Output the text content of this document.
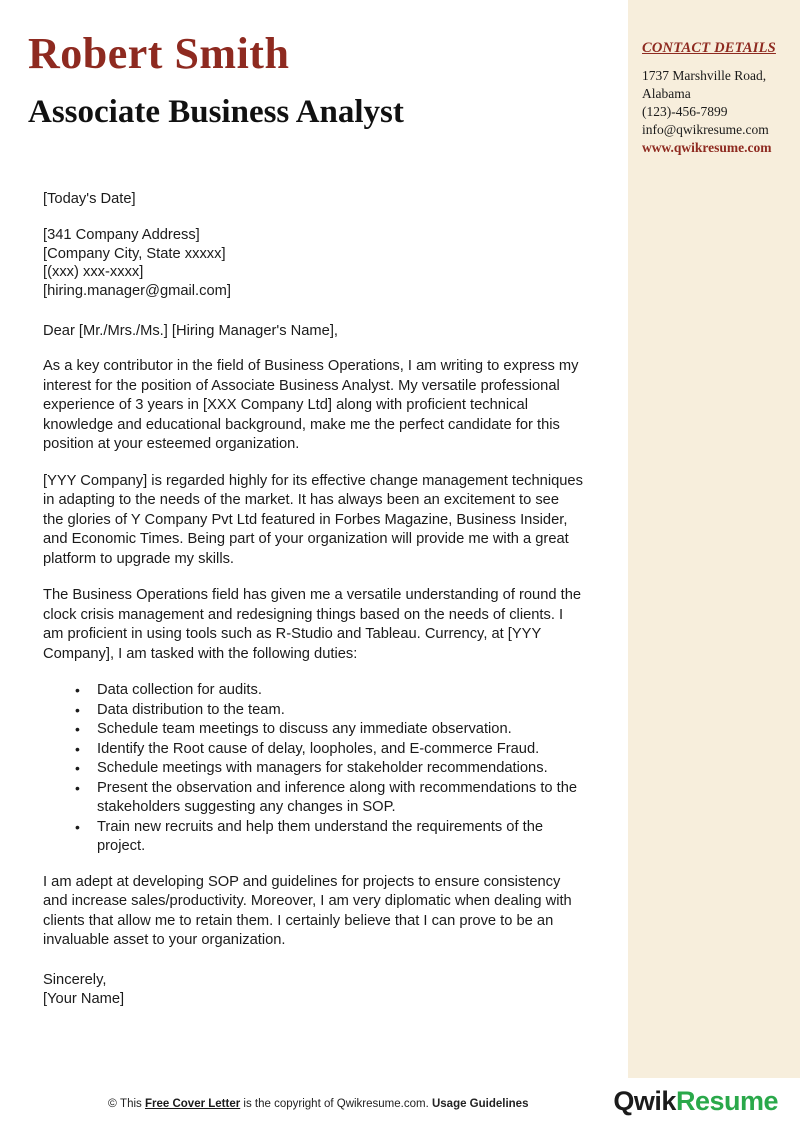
CONTACT DETAILS
1737 Marshville Road,
Alabama
(123)-456-7899
info@qwikresume.com
www.qwikresume.com
Robert Smith
Associate Business Analyst
[Today's Date]
[341 Company Address]
[Company City, State xxxxx]
[(xxx) xxx-xxxx]
[hiring.manager@gmail.com]
Dear [Mr./Mrs./Ms.] [Hiring Manager's Name],

As a key contributor in the field of Business Operations, I am writing to express my interest for the position of Associate Business Analyst. My versatile professional experience of 3 years in [XXX Company Ltd] along with proficient technical knowledge and educational background, make me the perfect candidate for this position at your esteemed organization.

[YYY Company] is regarded highly for its effective change management techniques in adapting to the needs of the market. It has always been an excitement to see the glories of Y Company Pvt Ltd featured in Forbes Magazine, Business Insider, and Economic Times. Being part of your organization will provide me with a great platform to upgrade my skills.

The Business Operations field has given me a versatile understanding of round the clock crisis management and redesigning things based on the needs of clients. I am proficient in using tools such as R-Studio and Tableau. Currency, at [YYY Company], I am tasked with the following duties:

• Data collection for audits.
• Data distribution to the team.
• Schedule team meetings to discuss any immediate observation.
• Identify the Root cause of delay, loopholes, and E-commerce Fraud.
• Schedule meetings with managers for stakeholder recommendations.
• Present the observation and inference along with recommendations to the stakeholders suggesting any changes in SOP.
• Train new recruits and help them understand the requirements of the project.

I am adept at developing SOP and guidelines for projects to ensure consistency and increase sales/productivity. Moreover, I am very diplomatic when dealing with clients that allow me to retain them. I certainly believe that I can prove to be an invaluable asset to your organization.

Sincerely,
[Your Name]
© This Free Cover Letter is the copyright of Qwikresume.com. Usage Guidelines	QwikResume
